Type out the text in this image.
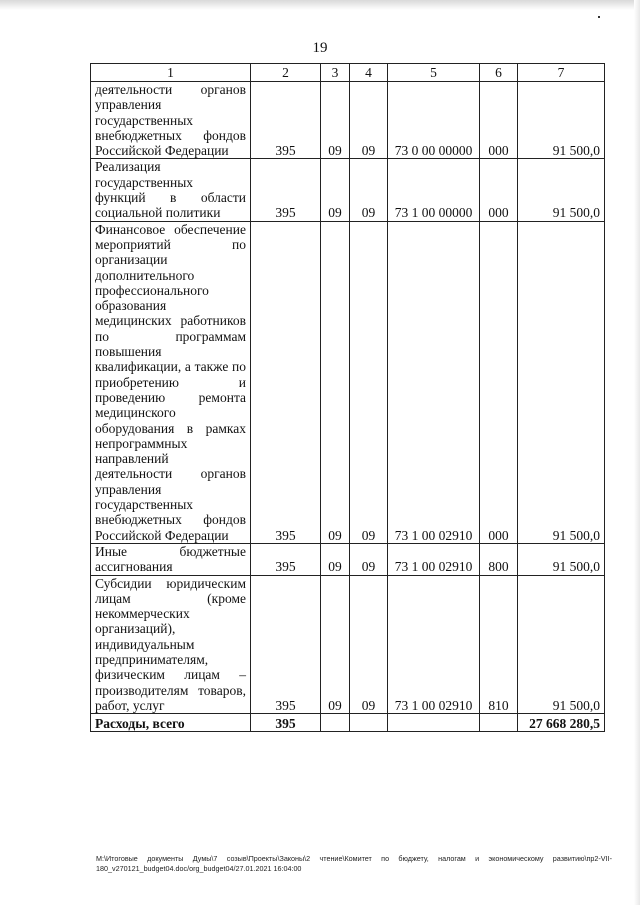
19
1	2	3	4	5	6	7
деятельности органов управления государственных внебюджетных фондов Российской Федерации	395	09	09	73 0 00 00000	000	91 500,0
Реализация государственных функций в области социальной политики	395	09	09	73 1 00 00000	000	91 500,0
Финансовое обеспечение мероприятий по организации дополнительного профессионального образования медицинских работников по программам повышения квалификации, а также по приобретению и проведению ремонта медицинского оборудования в рамках непрограммных направлений деятельности органов управления государственных внебюджетных фондов Российской Федерации	395	09	09	73 1 00 02910	000	91 500,0
Иные бюджетные ассигнования	395	09	09	73 1 00 02910	800	91 500,0
Субсидии юридическим лицам (кроме некоммерческих организаций), индивидуальным предпринимателям, физическим лицам – производителям товаров, работ, услуг	395	09	09	73 1 00 02910	810	91 500,0
Расходы, всего	395					27 668 280,5
M:\Итоговые документы Думы\7 созыв\Проекты\Законы\2 чтение\Комитет по бюджету, налогам и экономическому развитию\пр2-VII-180_v270121_budget04.doc/org_budget04/27.01.2021 16:04:00
